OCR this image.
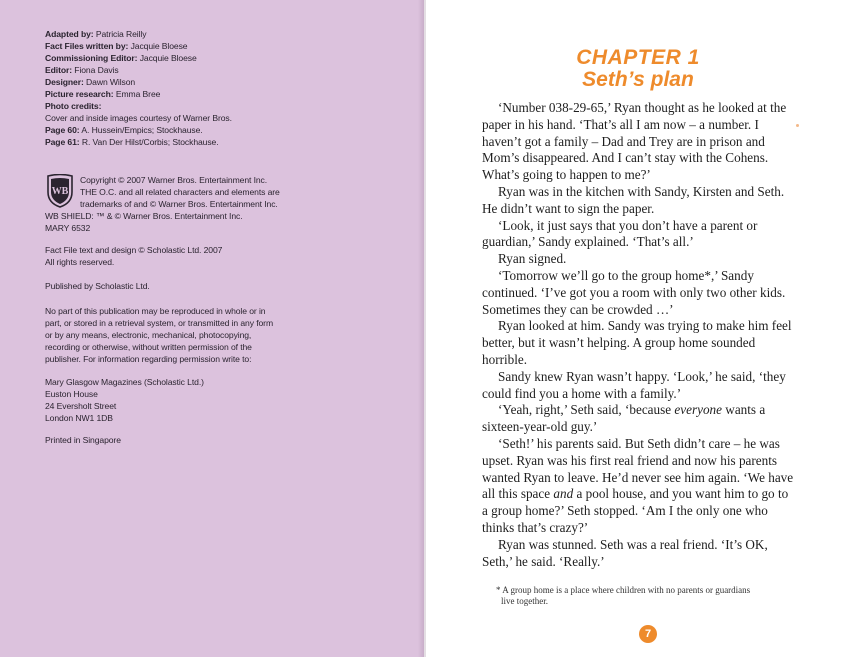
Adapted by: Patricia Reilly
Fact Files written by: Jacquie Bloese
Commissioning Editor: Jacquie Bloese
Editor: Fiona Davis
Designer: Dawn Wilson
Picture research: Emma Bree
Photo credits:
Cover and inside images courtesy of Warner Bros.
Page 60: A. Hussein/Empics; Stockhause.
Page 61: R. Van Der Hilst/Corbis; Stockhause.
WB
Copyright © 2007 Warner Bros. Entertainment Inc.
THE O.C. and all related characters and elements are
trademarks of and © Warner Bros. Entertainment Inc.
WB SHIELD: ™ & © Warner Bros. Entertainment Inc.
MARY 6532
Fact File text and design © Scholastic Ltd. 2007
All rights reserved.
Published by Scholastic Ltd.
No part of this publication may be reproduced in whole or in
part, or stored in a retrieval system, or transmitted in any form
or by any means, electronic, mechanical, photocopying,
recording or otherwise, without written permission of the
publisher. For information regarding permission write to:
Mary Glasgow Magazines (Scholastic Ltd.)
Euston House
24 Eversholt Street
London NW1 1DB
Printed in Singapore
CHAPTER 1
Seth’s plan
‘Number 038-29-65,’ Ryan thought as he looked at the
paper in his hand. ‘That’s all I am now – a number. I
haven’t got a family – Dad and Trey are in prison and
Mom’s disappeared. And I can’t stay with the Cohens.
What’s going to happen to me?’
Ryan was in the kitchen with Sandy, Kirsten and Seth.
He didn’t want to sign the paper.
‘Look, it just says that you don’t have a parent or
guardian,’ Sandy explained. ‘That’s all.’
Ryan signed.
‘Tomorrow we’ll go to the group home*,’ Sandy
continued. ‘I’ve got you a room with only two other kids.
Sometimes they can be crowded …’
Ryan looked at him. Sandy was trying to make him feel
better, but it wasn’t helping. A group home sounded
horrible.
Sandy knew Ryan wasn’t happy. ‘Look,’ he said, ‘they
could find you a home with a family.’
‘Yeah, right,’ Seth said, ‘because everyone wants a
sixteen-year-old guy.’
‘Seth!’ his parents said. But Seth didn’t care – he was
upset. Ryan was his first real friend and now his parents
wanted Ryan to leave. He’d never see him again. ‘We have
all this space and a pool house, and you want him to go to
a group home?’ Seth stopped. ‘Am I the only one who
thinks that’s crazy?’
Ryan was stunned. Seth was a real friend. ‘It’s OK,
Seth,’ he said. ‘Really.’
* A group home is a place where children with no parents or guardians
live together.
7
